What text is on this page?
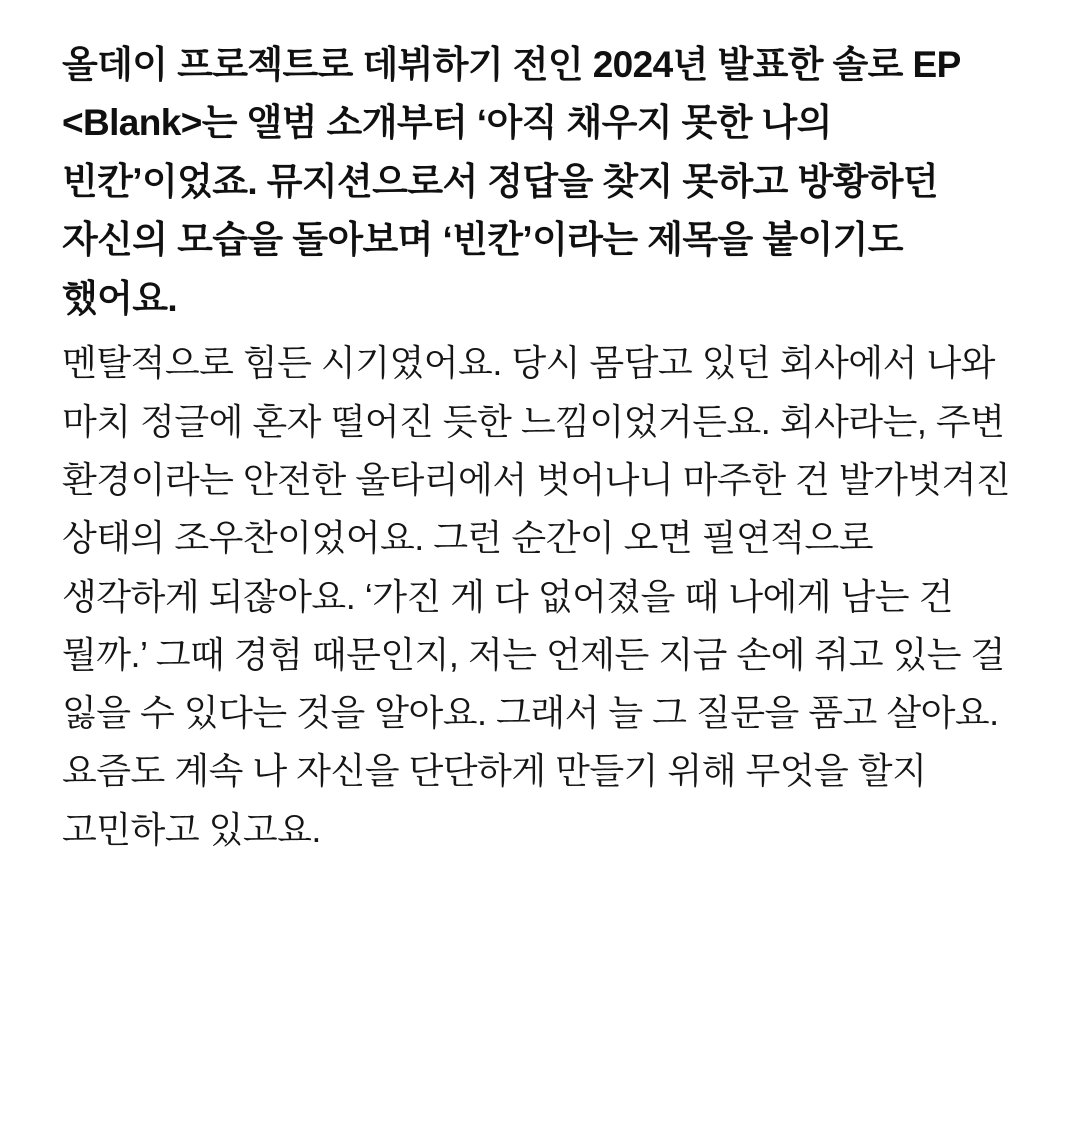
올데이 프로젝트로 데뷔하기 전인 2024년 발표한 솔로 EP <Blank>는 앨범 소개부터 ‘아직 채우지 못한 나의 빈칸’이었죠. 뮤지션으로서 정답을 찾지 못하고 방황하던 자신의 모습을 돌아보며 ‘빈칸’이라는 제목을 붙이기도 했어요.

멘탈적으로 힘든 시기였어요. 당시 몸담고 있던 회사에서 나와 마치 정글에 혼자 떨어진 듯한 느낌이었거든요. 회사라는, 주변 환경이라는 안전한 울타리에서 벗어나니 마주한 건 발가벗겨진 상태의 조우찬이었어요. 그런 순간이 오면 필연적으로 생각하게 되잖아요. ‘가진 게 다 없어졌을 때 나에게 남는 건 뭘까.’ 그때 경험 때문인지, 저는 언제든 지금 손에 쥐고 있는 걸 잃을 수 있다는 것을 알아요. 그래서 늘 그 질문을 품고 살아요. 요즘도 계속 나 자신을 단단하게 만들기 위해 무엇을 할지 고민하고 있고요.
